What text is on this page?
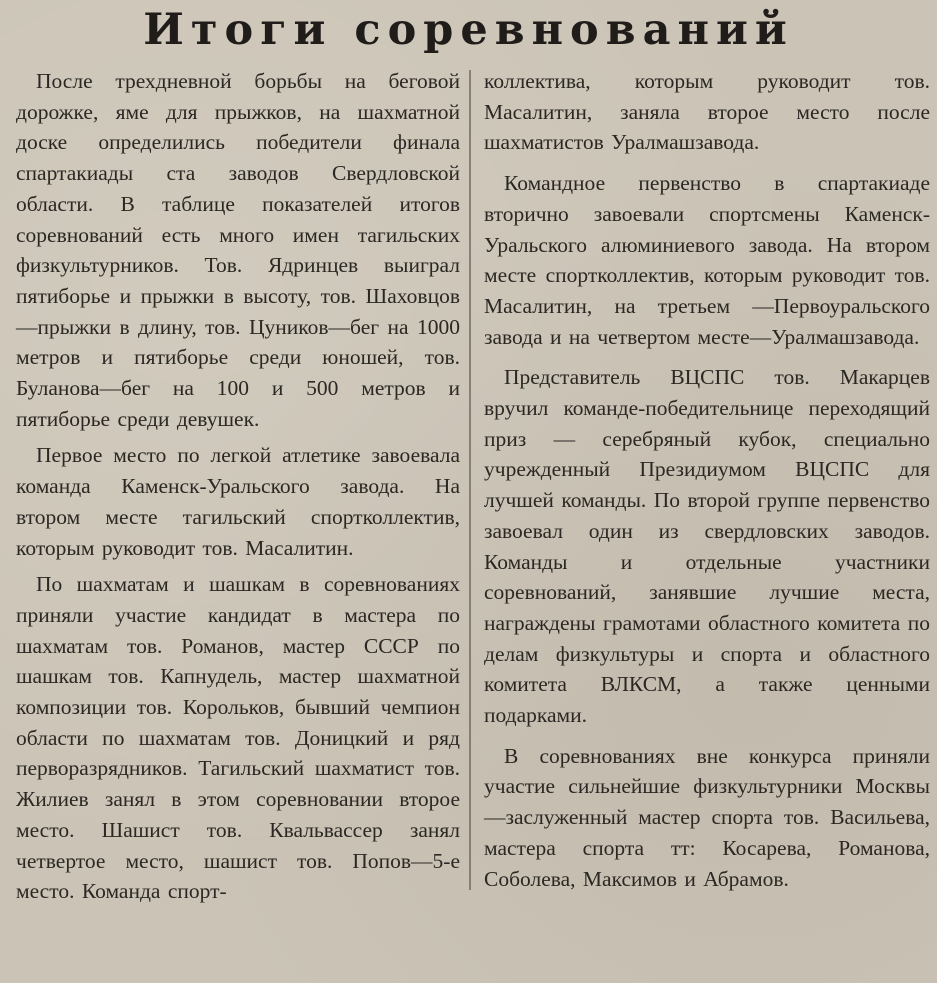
Итоги соревнований

После трехдневной борьбы на беговой дорожке, яме для прыжков, на шахматной доске определились победители финала спартакиады ста заводов Свердловской области. В таблице показателей итогов соревнований есть много имен тагильских физкультурников. Тов. Ядринцев выиграл пятиборье и прыжки в высоту, тов. Шаховцов—прыжки в длину, тов. Цуников—бег на 1000 метров и пятиборье среди юношей, тов. Буланова—бег на 100 и 500 метров и пятиборье среди девушек.

Первое место по легкой атлетике завоевала команда Каменск-Уральского завода. На втором месте тагильский спортколлектив, которым руководит тов. Масалитин.

По шахматам и шашкам в соревнованиях приняли участие кандидат в мастера по шахматам тов. Романов, мастер СССР по шашкам тов. Капнудель, мастер шахматной композиции тов. Корольков, бывший чемпион области по шахматам тов. Доницкий и ряд перворазрядников. Тагильский шахматист тов. Жилиев занял в этом соревновании второе место. Шашист тов. Квальвассер занял четвертое место, шашист тов. Попов—5-е место. Команда спорт-

коллектива, которым руководит тов. Масалитин, заняла второе место после шахматистов Уралмашзавода.

Командное первенство в спартакиаде вторично завоевали спортсмены Каменск-Уральского алюминиевого завода. На втором месте спортколлектив, которым руководит тов. Масалитин, на третьем —Первоуральского завода и на четвертом месте—Уралмашзавода.

Представитель ВЦСПС тов. Макарцев вручил команде-победительнице переходящий приз — серебряный кубок, специально учрежденный Президиумом ВЦСПС для лучшей команды. По второй группе первенство завоевал один из свердловских заводов. Команды и отдельные участники соревнований, занявшие лучшие места, награждены грамотами областного комитета по делам физкультуры и спорта и областного комитета ВЛКСМ, а также ценными подарками.

В соревнованиях вне конкурса приняли участие сильнейшие физкультурники Москвы—заслуженный мастер спорта тов. Васильева, мастера спорта тт: Косарева, Романова, Соболева, Максимов и Абрамов.
